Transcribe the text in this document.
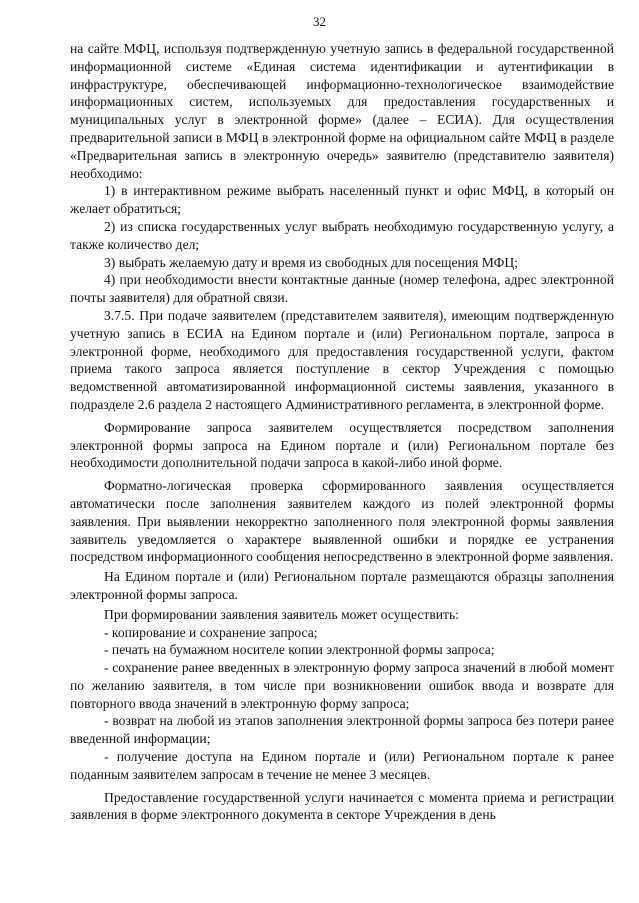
32

на сайте МФЦ, используя подтвержденную учетную запись в федеральной государственной информационной системе «Единая система идентификации и аутентификации в инфраструктуре, обеспечивающей информационно-технологическое взаимодействие информационных систем, используемых для предоставления государственных и муниципальных услуг в электронной форме» (далее – ЕСИА). Для осуществления предварительной записи в МФЦ в электронной форме на официальном сайте МФЦ в разделе «Предварительная запись в электронную очередь» заявителю (представителю заявителя) необходимо:

1) в интерактивном режиме выбрать населенный пункт и офис МФЦ, в который он желает обратиться;

2) из списка государственных услуг выбрать необходимую государственную услугу, а также количество дел;

3) выбрать желаемую дату и время из свободных для посещения МФЦ;

4) при необходимости внести контактные данные (номер телефона, адрес электронной почты заявителя) для обратной связи.

3.7.5. При подаче заявителем (представителем заявителя), имеющим подтвержденную учетную запись в ЕСИА на Едином портале и (или) Региональном портале, запроса в электронной форме, необходимого для предоставления государственной услуги, фактом приема такого запроса является поступление в сектор Учреждения с помощью ведомственной автоматизированной информационной системы заявления, указанного в подразделе 2.6 раздела 2 настоящего Административного регламента, в электронной форме.

Формирование запроса заявителем осуществляется посредством заполнения электронной формы запроса на Едином портале и (или) Региональном портале без необходимости дополнительной подачи запроса в какой-либо иной форме.

Форматно-логическая проверка сформированного заявления осуществляется автоматически после заполнения заявителем каждого из полей электронной формы заявления. При выявлении некорректно заполненного поля электронной формы заявления заявитель уведомляется о характере выявленной ошибки и порядке ее устранения посредством информационного сообщения непосредственно в электронной форме заявления.

На Едином портале и (или) Региональном портале размещаются образцы заполнения электронной формы запроса.

При формировании заявления заявитель может осуществить:

- копирование и сохранение запроса;

- печать на бумажном носителе копии электронной формы запроса;

- сохранение ранее введенных в электронную форму запроса значений в любой момент по желанию заявителя, в том числе при возникновении ошибок ввода и возврате для повторного ввода значений в электронную форму запроса;

- возврат на любой из этапов заполнения электронной формы запроса без потери ранее введенной информации;

- получение доступа на Едином портале и (или) Региональном портале к ранее поданным заявителем запросам в течение не менее 3 месяцев.

Предоставление государственной услуги начинается с момента приема и регистрации заявления в форме электронного документа в секторе Учреждения в день
